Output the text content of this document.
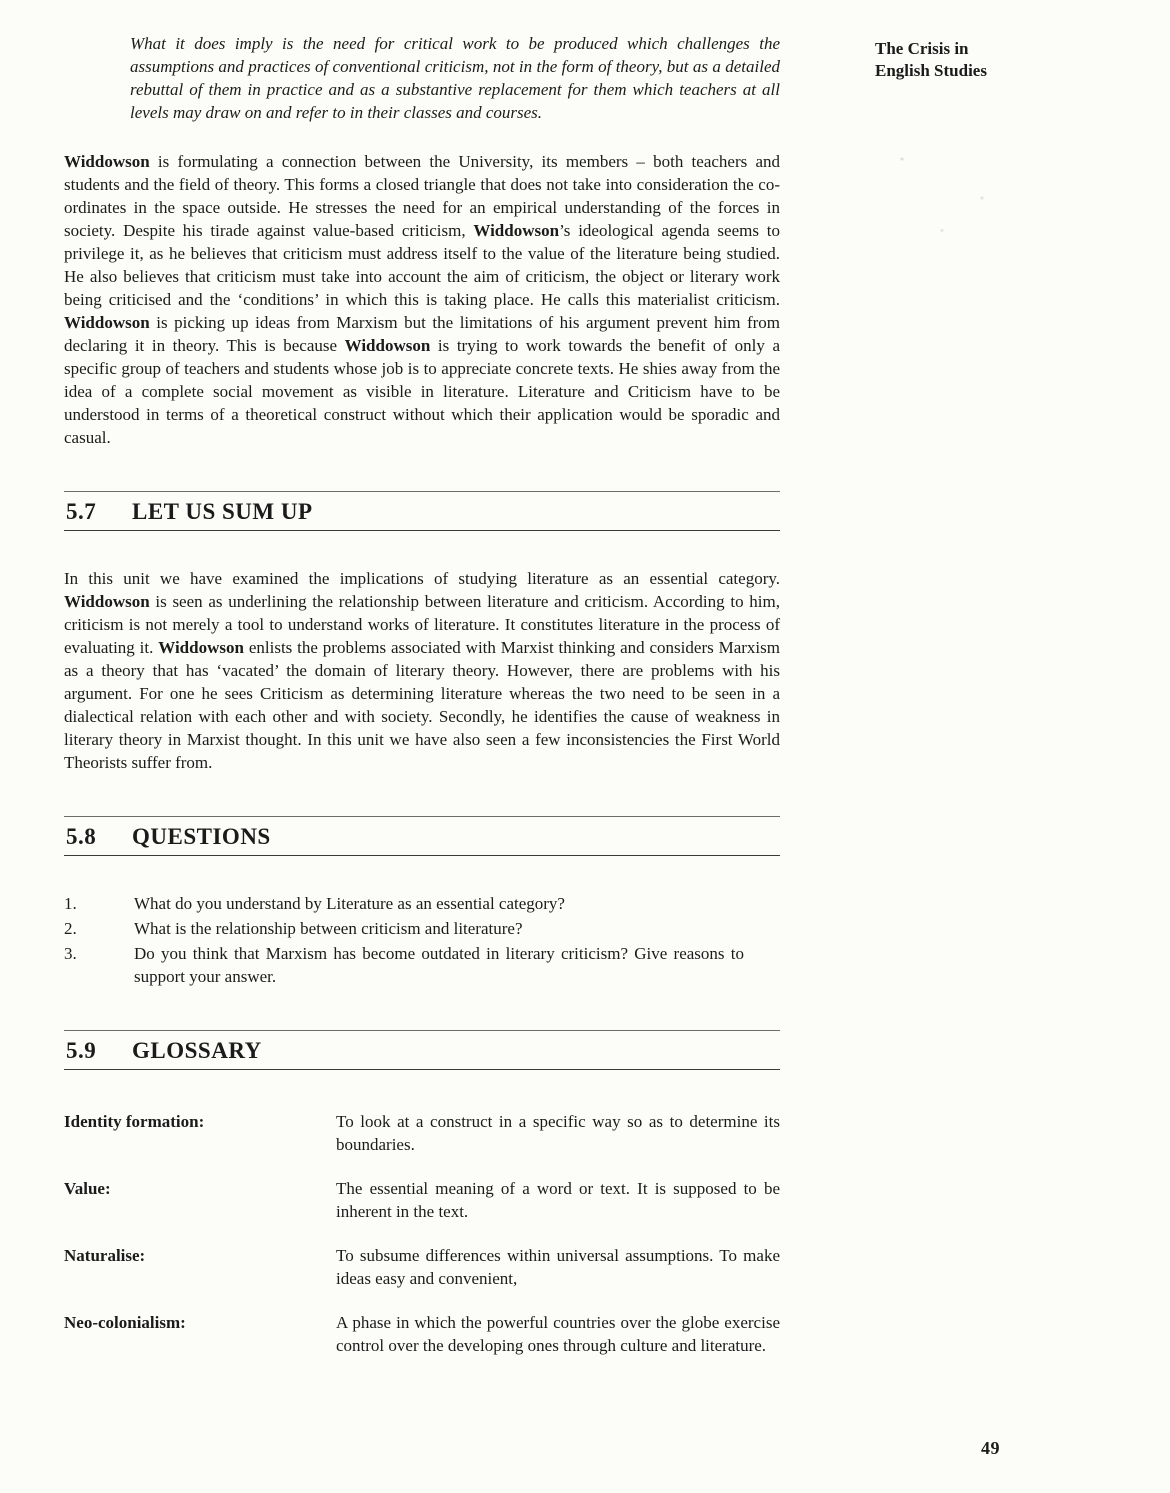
The Crisis in English Studies
What it does imply is the need for critical work to be produced which challenges the assumptions and practices of conventional criticism, not in the form of theory, but as a detailed rebuttal of them in practice and as a substantive replacement for them which teachers at all levels may draw on and refer to in their classes and courses.
Widdowson is formulating a connection between the University, its members – both teachers and students and the field of theory. This forms a closed triangle that does not take into consideration the co-ordinates in the space outside. He stresses the need for an empirical understanding of the forces in society. Despite his tirade against value-based criticism, Widdowson’s ideological agenda seems to privilege it, as he believes that criticism must address itself to the value of the literature being studied. He also believes that criticism must take into account the aim of criticism, the object or literary work being criticised and the ‘conditions’ in which this is taking place. He calls this materialist criticism. Widdowson is picking up ideas from Marxism but the limitations of his argument prevent him from declaring it in theory. This is because Widdowson is trying to work towards the benefit of only a specific group of teachers and students whose job is to appreciate concrete texts. He shies away from the idea of a complete social movement as visible in literature. Literature and Criticism have to be understood in terms of a theoretical construct without which their application would be sporadic and casual.
5.7	LET US SUM UP
In this unit we have examined the implications of studying literature as an essential category. Widdowson is seen as underlining the relationship between literature and criticism. According to him, criticism is not merely a tool to understand works of literature. It constitutes literature in the process of evaluating it. Widdowson enlists the problems associated with Marxist thinking and considers Marxism as a theory that has ‘vacated’ the domain of literary theory. However, there are problems with his argument. For one he sees Criticism as determining literature whereas the two need to be seen in a dialectical relation with each other and with society. Secondly, he identifies the cause of weakness in literary theory in Marxist thought. In this unit we have also seen a few inconsistencies the First World Theorists suffer from.
5.8	QUESTIONS
1.	What do you understand by Literature as an essential category?
2.	What is the relationship between criticism and literature?
3.	Do you think that Marxism has become outdated in literary criticism? Give reasons to support your answer.
5.9	GLOSSARY
Identity formation:	To look at a construct in a specific way so as to determine its boundaries.
Value:	The essential meaning of a word or text. It is supposed to be inherent in the text.
Naturalise:	To subsume differences within universal assumptions. To make ideas easy and convenient,
Neo-colonialism:	A phase in which the powerful countries over the globe exercise control over the developing ones through culture and literature.
49
